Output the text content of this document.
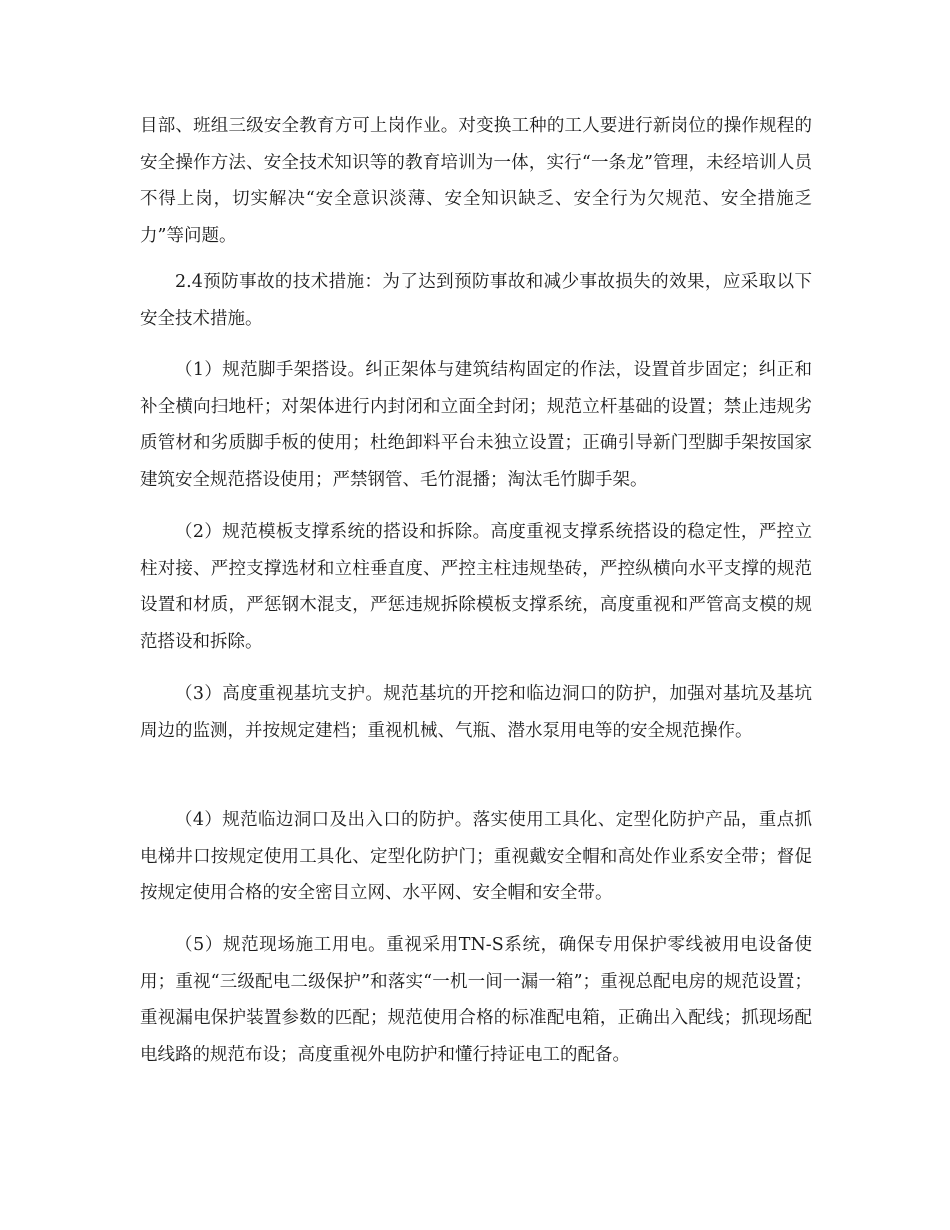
目部、班组三级安全教育方可上岗作业。对变换工种的工人要进行新岗位的操作规程的安全操作方法、安全技术知识等的教育培训为一体，实行“一条龙”管理，未经培训人员不得上岗，切实解决“安全意识淡薄、安全知识缺乏、安全行为欠规范、安全措施乏力”等问题。

2.4预防事故的技术措施：为了达到预防事故和减少事故损失的效果，应采取以下安全技术措施。

（1）规范脚手架搭设。纠正架体与建筑结构固定的作法，设置首步固定；纠正和补全横向扫地杆；对架体进行内封闭和立面全封闭；规范立杆基础的设置；禁止违规劣质管材和劣质脚手板的使用；杜绝卸料平台未独立设置；正确引导新门型脚手架按国家建筑安全规范搭设使用；严禁钢管、毛竹混播；淘汰毛竹脚手架。

（2）规范模板支撑系统的搭设和拆除。高度重视支撑系统搭设的稳定性，严控立柱对接、严控支撑选材和立柱垂直度、严控主柱违规垫砖，严控纵横向水平支撑的规范设置和材质，严惩钢木混支，严惩违规拆除模板支撑系统，高度重视和严管高支模的规范搭设和拆除。

（3）高度重视基坑支护。规范基坑的开挖和临边洞口的防护，加强对基坑及基坑周边的监测，并按规定建档；重视机械、气瓶、潜水泵用电等的安全规范操作。

（4）规范临边洞口及出入口的防护。落实使用工具化、定型化防护产品，重点抓电梯井口按规定使用工具化、定型化防护门；重视戴安全帽和高处作业系安全带；督促按规定使用合格的安全密目立网、水平网、安全帽和安全带。

（5）规范现场施工用电。重视采用TN-S系统，确保专用保护零线被用电设备使用；重视“三级配电二级保护”和落实“一机一间一漏一箱”；重视总配电房的规范设置；重视漏电保护装置参数的匹配；规范使用合格的标准配电箱，正确出入配线；抓现场配电线路的规范布设；高度重视外电防护和懂行持证电工的配备。
